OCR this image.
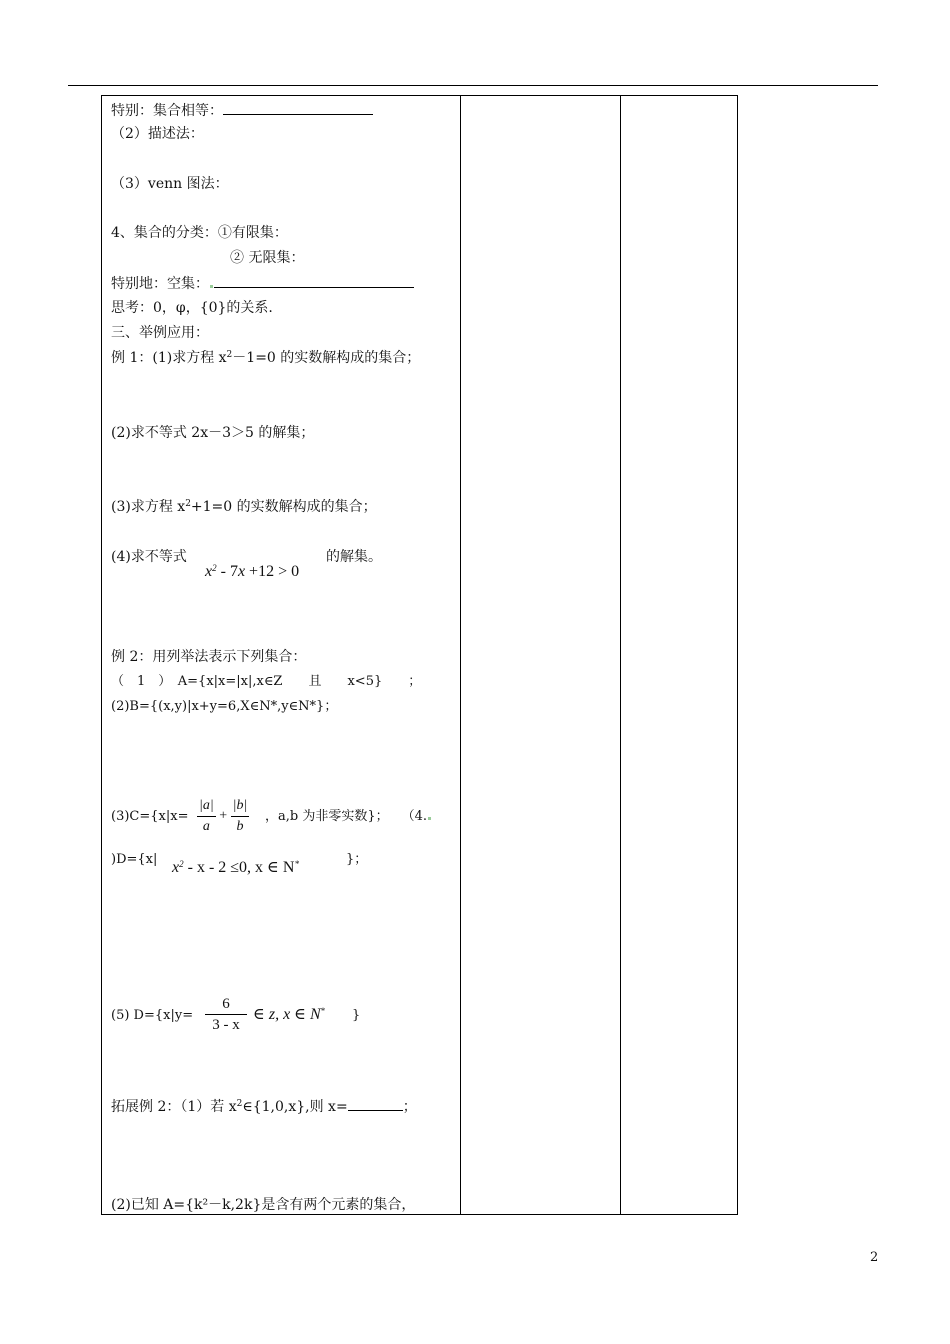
特别：集合相等：
（2）描述法：
（3）venn 图法：
4、集合的分类：①有限集：
② 无限集：
特别地：空集：
思考：0，φ，{0}的关系.
三、举例应用：
例 1：(1)求方程 $x^2-1=0$ 的实数解构成的集合；
(2)求不等式 2x－3＞5 的解集；
(3)求方程 $x^2+1=0$ 的实数解构成的集合；
(4)求不等式
$x^2 - 7x +12 > 0$
的解集。
例 2：用列举法表示下列集合：
（　1　）　A={x|x=|x|,x∈Z　　且　　x<5}　　；
(2)B={(x,y)|x+y=6,X∈N*,y∈N*}；
$(3)C=\{x|x= \frac{|a|}{a} + \frac{|b|}{b}$ ，a,b 为非零实数}；　　（4.
)D={x| $x^2 - x - 2 \le 0$, x ∈ N*	}；
(5) $D=\{x|y= \frac{6}{3 - x}$ ∈ z, x ∈ N* }
拓展例 2：（1）若 $x^2\in\{1,0,x\}$,则 x=	；
(2)已知 A={k²－k,2k}是含有两个元素的集合，
2
